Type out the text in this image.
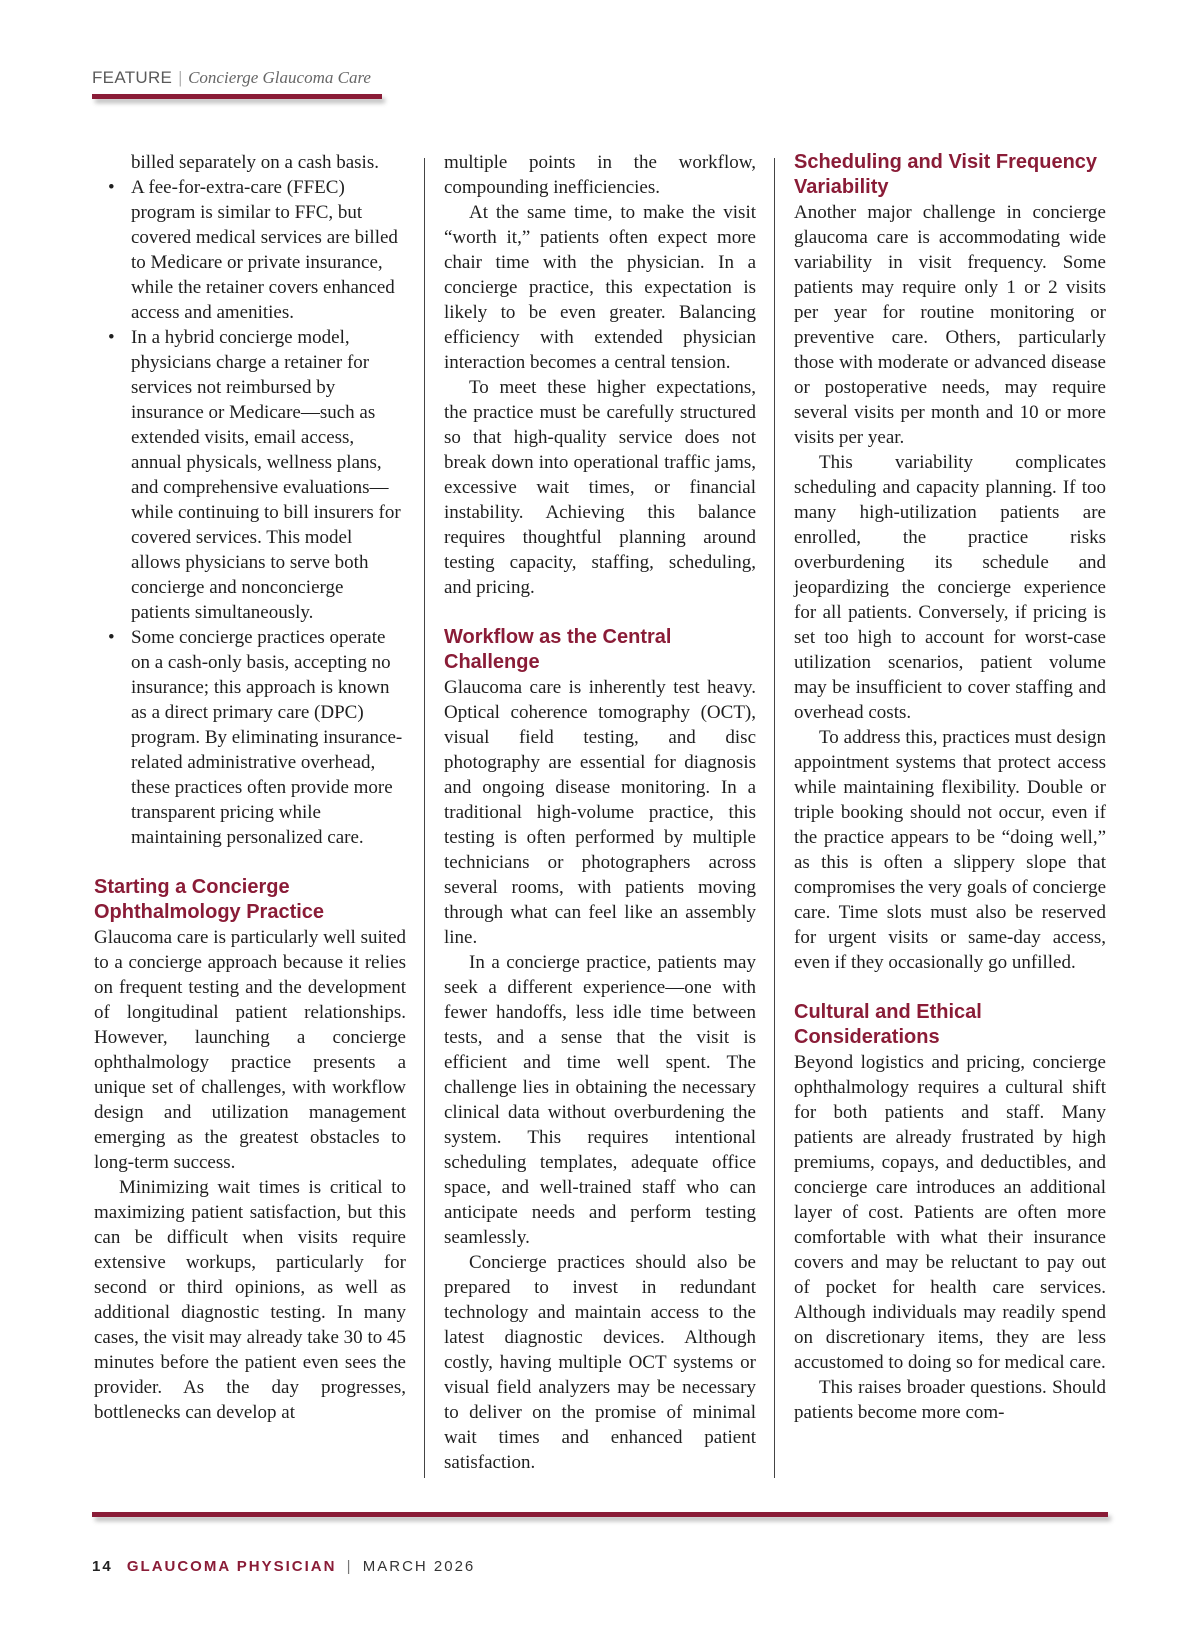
FEATURE | Concierge Glaucoma Care

billed separately on a cash basis.

• A fee-for-extra-care (FFEC) program is similar to FFC, but covered medical services are billed to Medicare or private insurance, while the retainer covers enhanced access and amenities.
• In a hybrid concierge model, physicians charge a retainer for services not reimbursed by insurance or Medicare—such as extended visits, email access, annual physicals, wellness plans, and comprehensive evaluations—while continuing to bill insurers for covered services. This model allows physicians to serve both concierge and nonconcierge patients simultaneously.
• Some concierge practices operate on a cash-only basis, accepting no insurance; this approach is known as a direct primary care (DPC) program. By eliminating insurance-related administrative overhead, these practices often provide more transparent pricing while maintaining personalized care.
Starting a Concierge Ophthalmology Practice

Glaucoma care is particularly well suited to a concierge approach because it relies on frequent testing and the development of longitudinal patient relationships. However, launching a concierge ophthalmology practice presents a unique set of challenges, with workflow design and utilization management emerging as the greatest obstacles to long-term success.

Minimizing wait times is critical to maximizing patient satisfaction, but this can be difficult when visits require extensive workups, particularly for second or third opinions, as well as additional diagnostic testing. In many cases, the visit may already take 30 to 45 minutes before the patient even sees the provider. As the day progresses, bottlenecks can develop at

multiple points in the workflow, compounding inefficiencies.

At the same time, to make the visit “worth it,” patients often expect more chair time with the physician. In a concierge practice, this expectation is likely to be even greater. Balancing efficiency with extended physician interaction becomes a central tension.

To meet these higher expectations, the practice must be carefully structured so that high-quality service does not break down into operational traffic jams, excessive wait times, or financial instability. Achieving this balance requires thoughtful planning around testing capacity, staffing, scheduling, and pricing.

Workflow as the Central Challenge

Glaucoma care is inherently test heavy. Optical coherence tomography (OCT), visual field testing, and disc photography are essential for diagnosis and ongoing disease monitoring. In a traditional high-volume practice, this testing is often performed by multiple technicians or photographers across several rooms, with patients moving through what can feel like an assembly line.

In a concierge practice, patients may seek a different experience—one with fewer handoffs, less idle time between tests, and a sense that the visit is efficient and time well spent. The challenge lies in obtaining the necessary clinical data without overburdening the system. This requires intentional scheduling templates, adequate office space, and well-trained staff who can anticipate needs and perform testing seamlessly.

Concierge practices should also be prepared to invest in redundant technology and maintain access to the latest diagnostic devices. Although costly, having multiple OCT systems or visual field analyzers may be necessary to deliver on the promise of minimal wait times and enhanced patient satisfaction.

Scheduling and Visit Frequency Variability

Another major challenge in concierge glaucoma care is accommodating wide variability in visit frequency. Some patients may require only 1 or 2 visits per year for routine monitoring or preventive care. Others, particularly those with moderate or advanced disease or postoperative needs, may require several visits per month and 10 or more visits per year.

This variability complicates scheduling and capacity planning. If too many high-utilization patients are enrolled, the practice risks overburdening its schedule and jeopardizing the concierge experience for all patients. Conversely, if pricing is set too high to account for worst-case utilization scenarios, patient volume may be insufficient to cover staffing and overhead costs.

To address this, practices must design appointment systems that protect access while maintaining flexibility. Double or triple booking should not occur, even if the practice appears to be “doing well,” as this is often a slippery slope that compromises the very goals of concierge care. Time slots must also be reserved for urgent visits or same-day access, even if they occasionally go unfilled.

Cultural and Ethical Considerations

Beyond logistics and pricing, concierge ophthalmology requires a cultural shift for both patients and staff. Many patients are already frustrated by high premiums, copays, and deductibles, and concierge care introduces an additional layer of cost. Patients are often more comfortable with what their insurance covers and may be reluctant to pay out of pocket for health care services. Although individuals may readily spend on discretionary items, they are less accustomed to doing so for medical care.

This raises broader questions. Should patients become more com-

14 GLAUCOMA PHYSICIAN | MARCH 2026
